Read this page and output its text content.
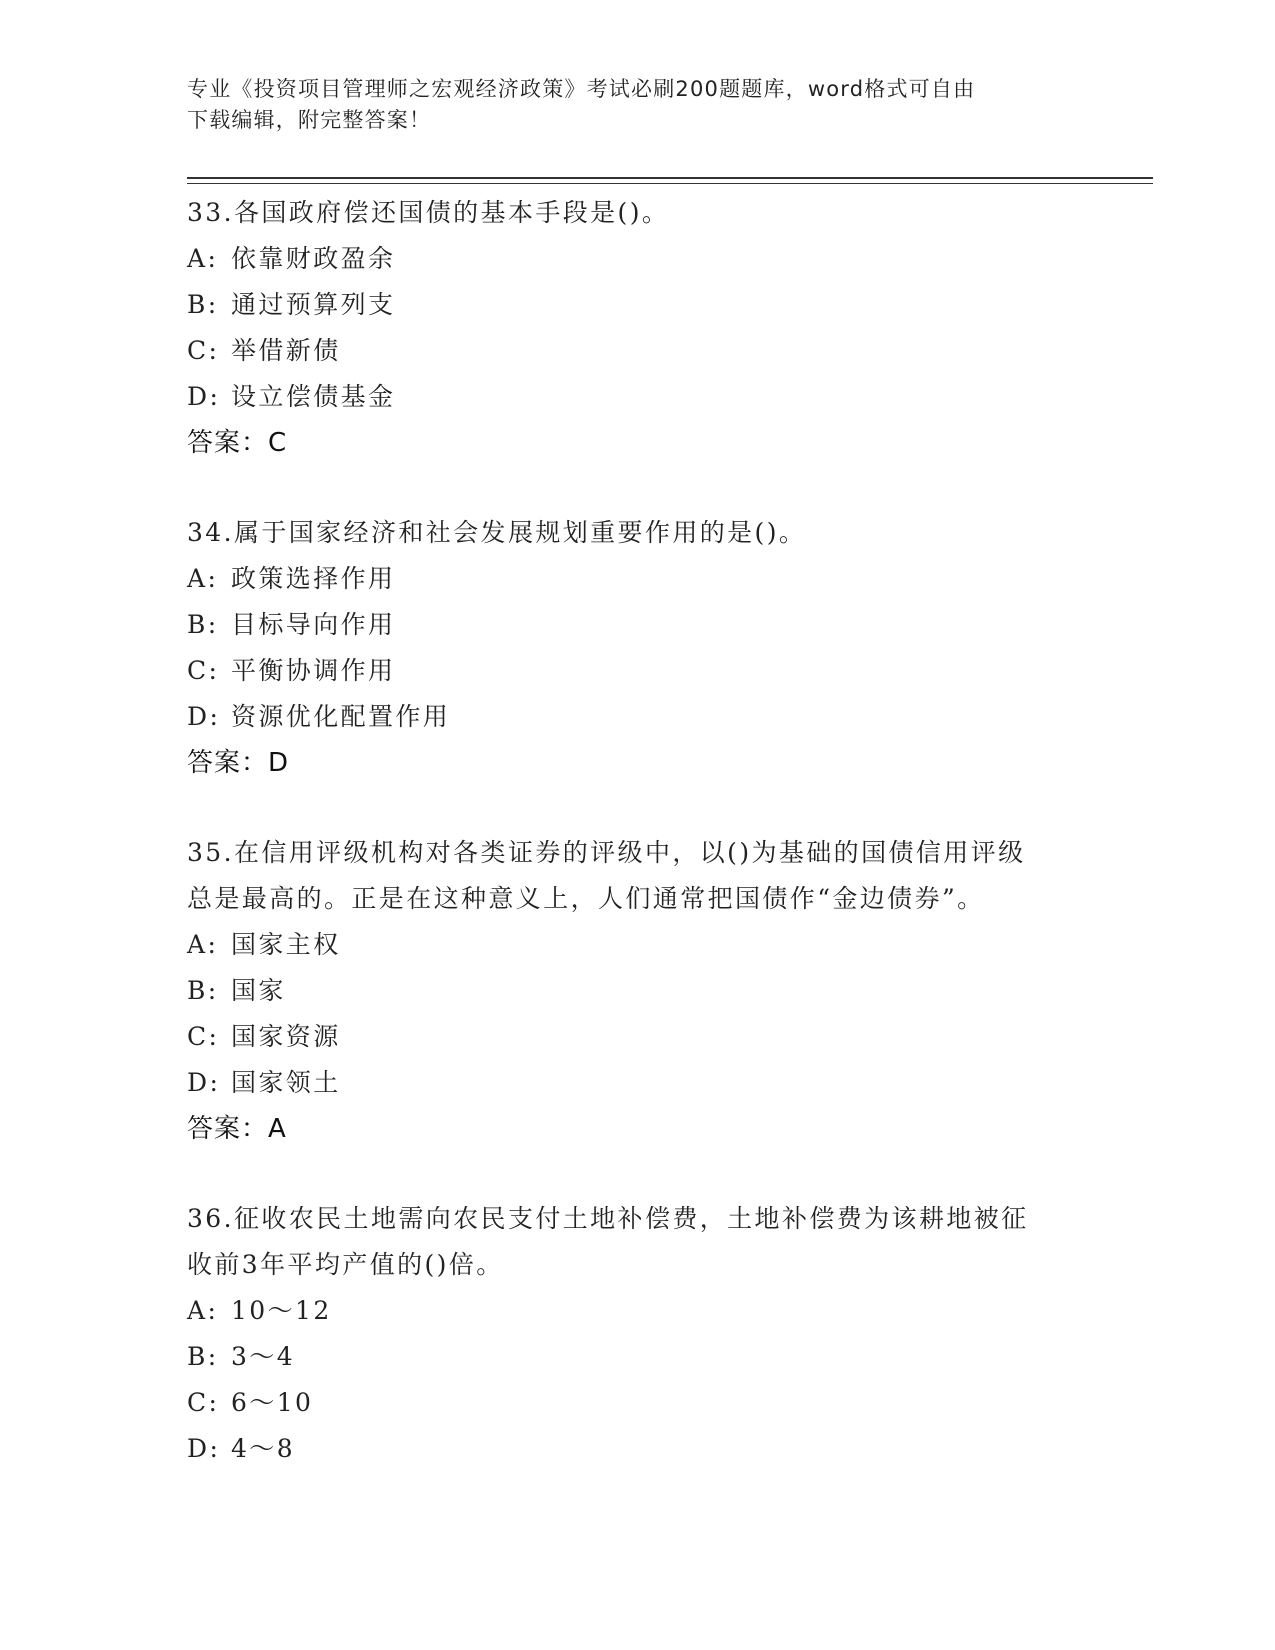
专业《投资项目管理师之宏观经济政策》考试必刷200题题库，word格式可自由
下载编辑，附完整答案！

33.各国政府偿还国债的基本手段是()。

A: 依靠财政盈余

B: 通过预算列支

C: 举借新债

D: 设立偿债基金

答案：C

34.属于国家经济和社会发展规划重要作用的是()。

A: 政策选择作用

B: 目标导向作用

C: 平衡协调作用

D: 资源优化配置作用

答案：D

35.在信用评级机构对各类证券的评级中，以()为基础的国债信用评级

总是最高的。正是在这种意义上，人们通常把国债作“金边债券”。

A: 国家主权

B: 国家

C: 国家资源

D: 国家领土

答案：A

36.征收农民土地需向农民支付土地补偿费，土地补偿费为该耕地被征

收前3年平均产值的()倍。

A: 10～12

B: 3～4

C: 6～10

D: 4～8
